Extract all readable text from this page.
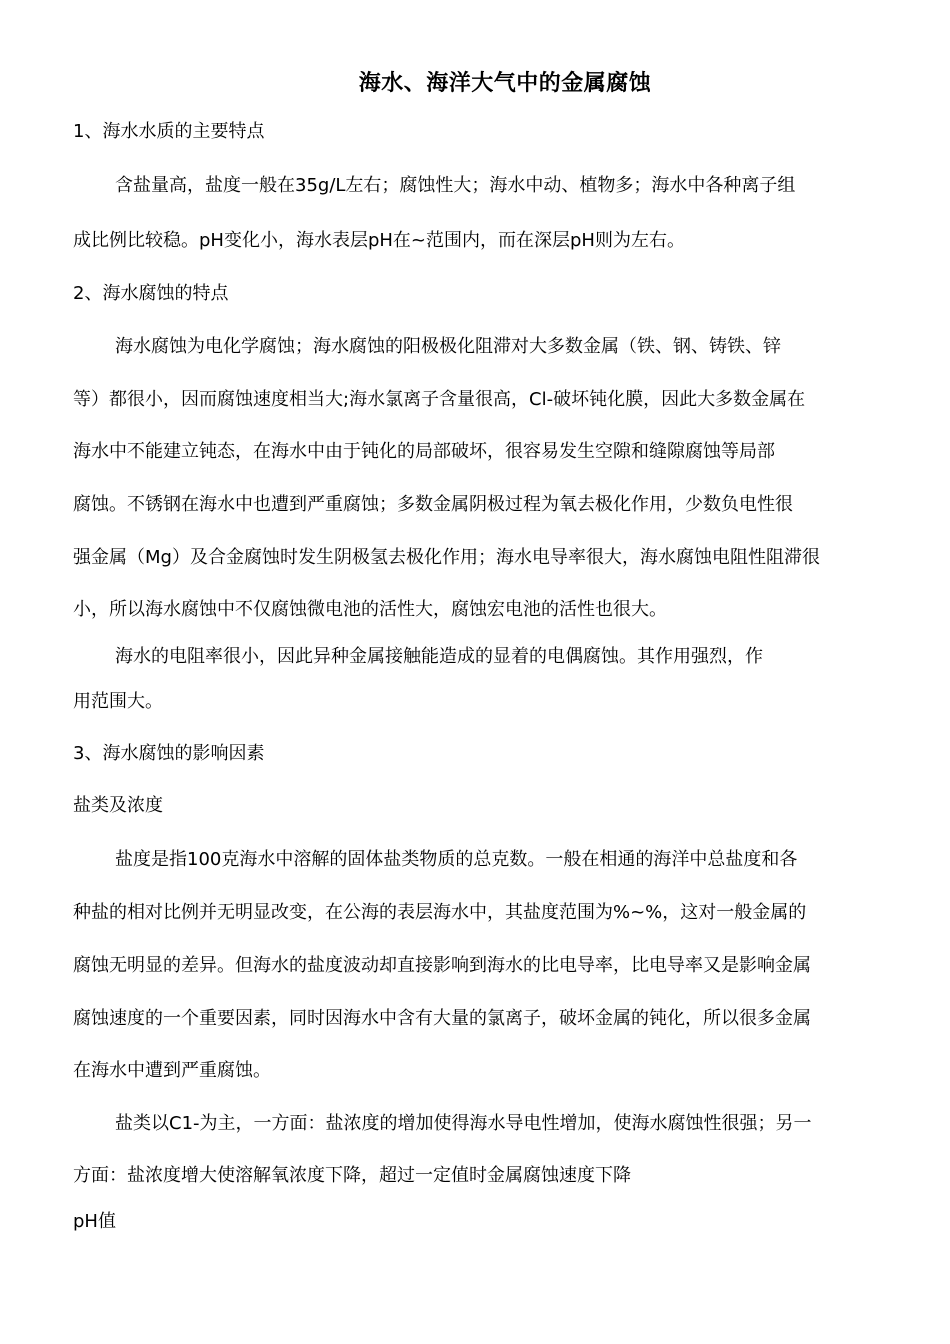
海水、海洋大气中的金属腐蚀
1、海水水质的主要特点
含盐量高，盐度一般在35g/L左右；腐蚀性大；海水中动、植物多；海水中各种离子组
成比例比较稳。pH变化小，海水表层pH在~范围内，而在深层pH则为左右。
2、海水腐蚀的特点
海水腐蚀为电化学腐蚀；海水腐蚀的阳极极化阻滞对大多数金属（铁、钢、铸铁、锌
等）都很小，因而腐蚀速度相当大;海水氯离子含量很高，Cl-破坏钝化膜，因此大多数金属在
海水中不能建立钝态，在海水中由于钝化的局部破坏，很容易发生空隙和缝隙腐蚀等局部
腐蚀。不锈钢在海水中也遭到严重腐蚀；多数金属阴极过程为氧去极化作用，少数负电性很
强金属（Mg）及合金腐蚀时发生阴极氢去极化作用；海水电导率很大，海水腐蚀电阻性阻滞很
小，所以海水腐蚀中不仅腐蚀微电池的活性大，腐蚀宏电池的活性也很大。
海水的电阻率很小，因此异种金属接触能造成的显着的电偶腐蚀。其作用强烈，作
用范围大。
3、海水腐蚀的影响因素
盐类及浓度
盐度是指100克海水中溶解的固体盐类物质的总克数。一般在相通的海洋中总盐度和各
种盐的相对比例并无明显改变，在公海的表层海水中，其盐度范围为%~%，这对一般金属的
腐蚀无明显的差异。但海水的盐度波动却直接影响到海水的比电导率，比电导率又是影响金属
腐蚀速度的一个重要因素，同时因海水中含有大量的氯离子，破坏金属的钝化，所以很多金属
在海水中遭到严重腐蚀。
盐类以C1-为主，一方面：盐浓度的增加使得海水导电性增加，使海水腐蚀性很强；另一
方面：盐浓度增大使溶解氧浓度下降，超过一定值时金属腐蚀速度下降
pH值
